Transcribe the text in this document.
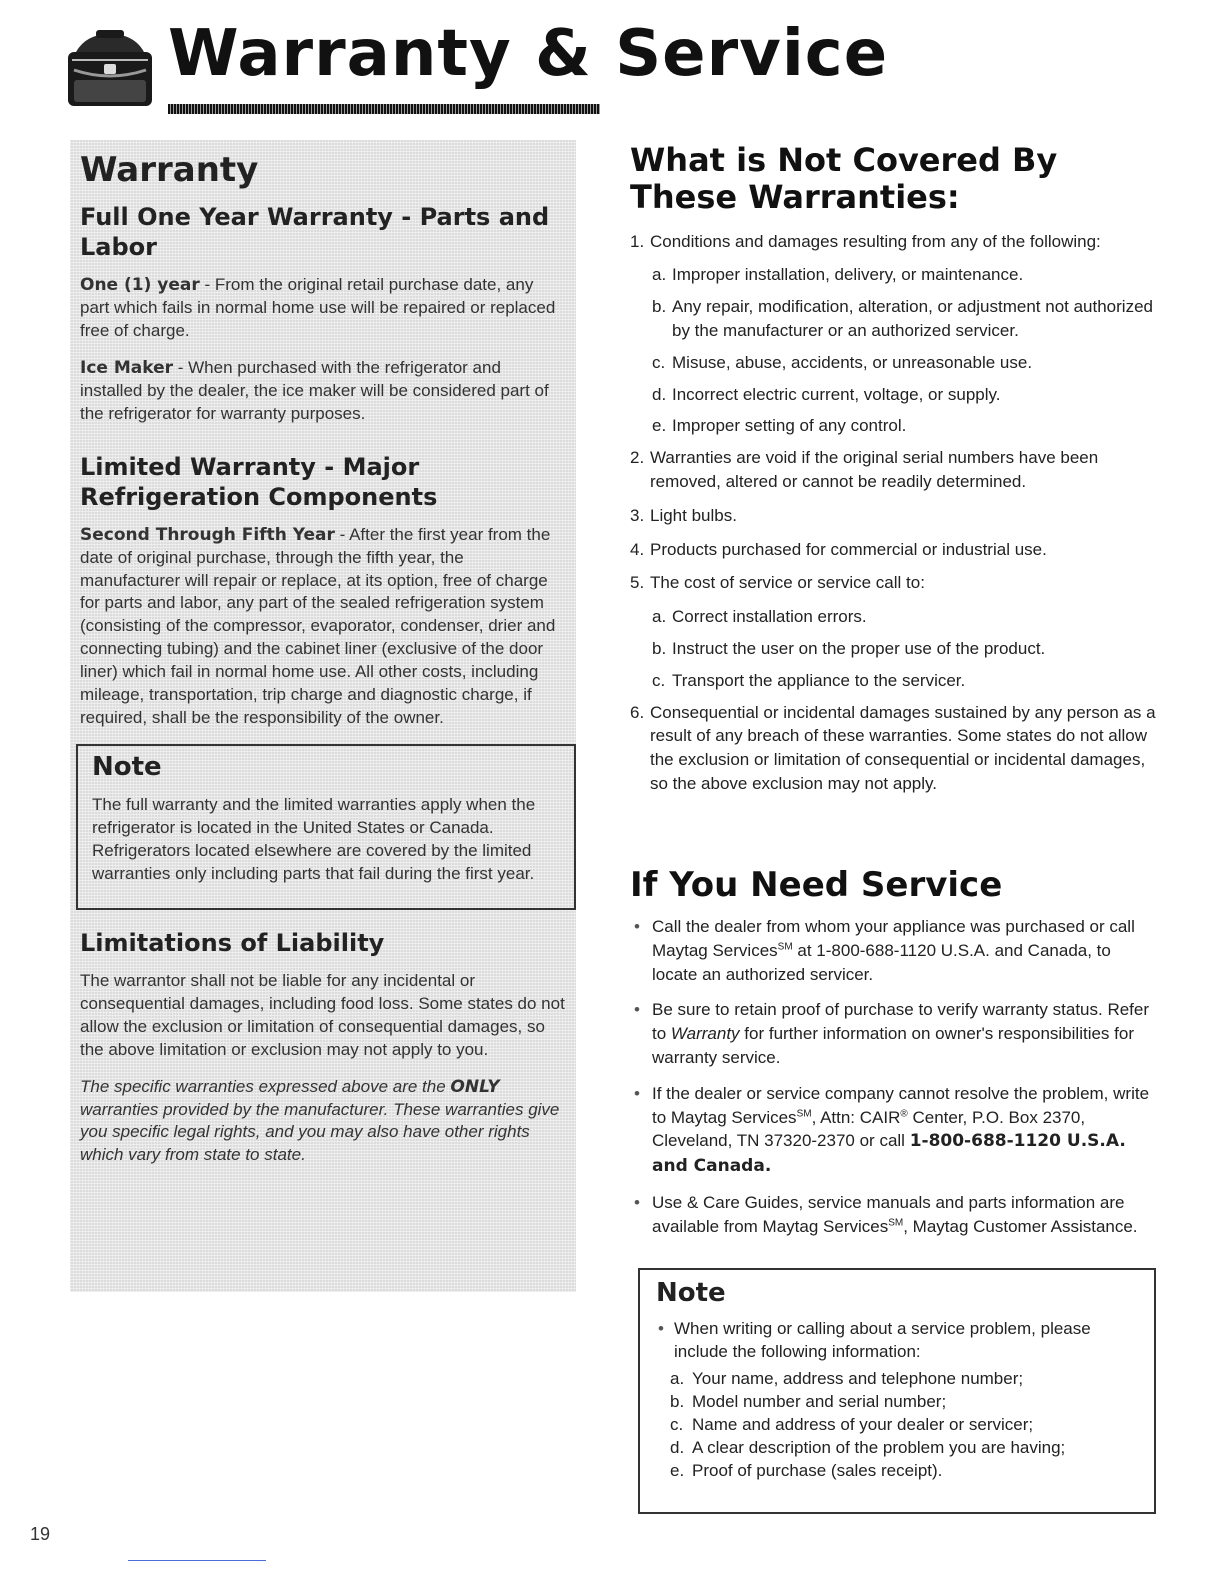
Warranty & Service
Warranty
Full One Year Warranty - Parts and Labor

One (1) year - From the original retail purchase date, any part which fails in normal home use will be repaired or replaced free of charge.

Ice Maker - When purchased with the refrigerator and installed by the dealer, the ice maker will be considered part of the refrigerator for warranty purposes.

Limited Warranty - Major Refrigeration Components

Second Through Fifth Year - After the first year from the date of original purchase, through the fifth year, the manufacturer will repair or replace, at its option, free of charge for parts and labor, any part of the sealed refrigeration system (consisting of the compressor, evaporator, condenser, drier and connecting tubing) and the cabinet liner (exclusive of the door liner) which fail in normal home use. All other costs, including mileage, transportation, trip charge and diagnostic charge, if required, shall be the responsibility of the owner.

Note

The full warranty and the limited warranties apply when the refrigerator is located in the United States or Canada. Refrigerators located elsewhere are covered by the limited warranties only including parts that fail during the first year.

Limitations of Liability

The warrantor shall not be liable for any incidental or consequential damages, including food loss. Some states do not allow the exclusion or limitation of consequential damages, so the above limitation or exclusion may not apply to you.

The specific warranties expressed above are the ONLY warranties provided by the manufacturer. These warranties give you specific legal rights, and you may also have other rights which vary from state to state.

What is Not Covered By These Warranties:
1. Conditions and damages resulting from any of the following:
a. Improper installation, delivery, or maintenance.
b. Any repair, modification, alteration, or adjustment not authorized by the manufacturer or an authorized servicer.
c. Misuse, abuse, accidents, or unreasonable use.
d. Incorrect electric current, voltage, or supply.
e. Improper setting of any control.
2. Warranties are void if the original serial numbers have been removed, altered or cannot be readily determined.
3. Light bulbs.
4. Products purchased for commercial or industrial use.
5. The cost of service or service call to:
a. Correct installation errors.
b. Instruct the user on the proper use of the product.
c. Transport the appliance to the servicer.
6. Consequential or incidental damages sustained by any person as a result of any breach of these warranties. Some states do not allow the exclusion or limitation of consequential or incidental damages, so the above exclusion may not apply.
If You Need Service
• Call the dealer from whom your appliance was purchased or call Maytag Services℠ at 1-800-688-1120 U.S.A. and Canada, to locate an authorized servicer.
• Be sure to retain proof of purchase to verify warranty status. Refer to Warranty for further information on owner's responsibilities for warranty service.
• If the dealer or service company cannot resolve the problem, write to Maytag Services℠, Attn: CAIR® Center, P.O. Box 2370, Cleveland, TN 37320-2370 or call 1-800-688-1120 U.S.A. and Canada.
• Use & Care Guides, service manuals and parts information are available from Maytag Services℠, Maytag Customer Assistance.
Note
• When writing or calling about a service problem, please include the following information:
a. Your name, address and telephone number;
b. Model number and serial number;
c. Name and address of your dealer or servicer;
d. A clear description of the problem you are having;
e. Proof of purchase (sales receipt).
19
